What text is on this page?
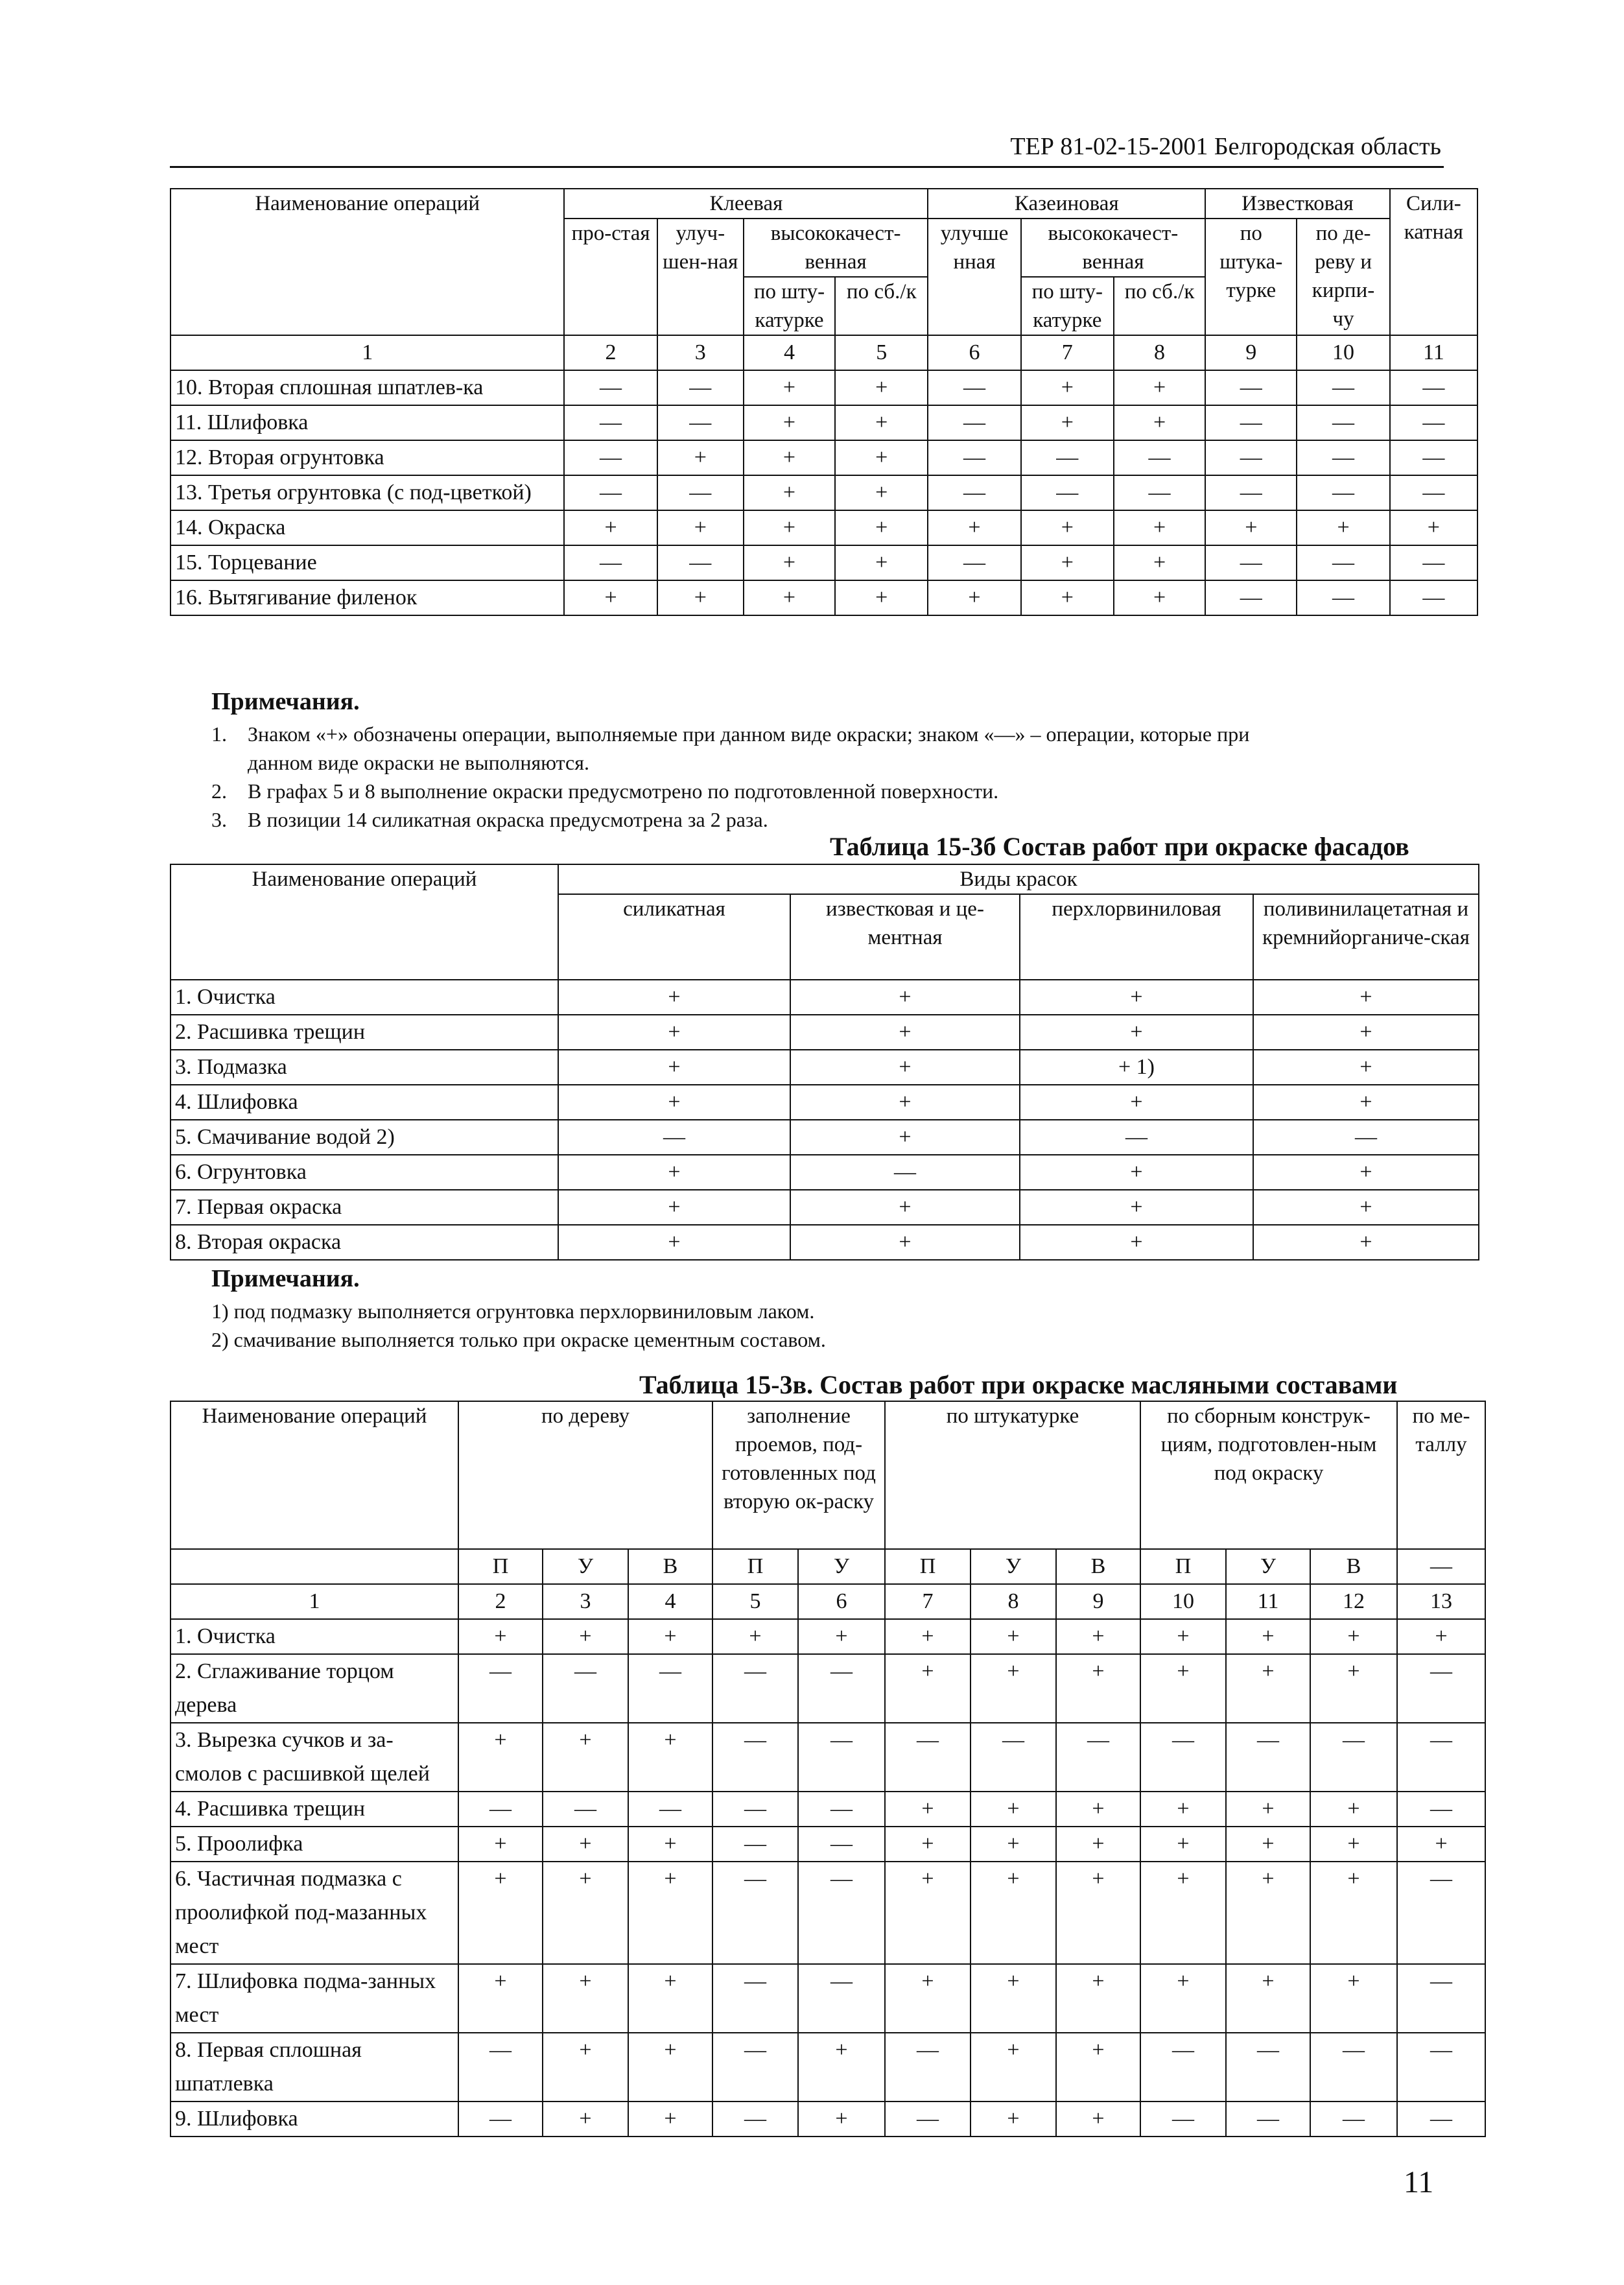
ТЕР 81-02-15-2001 Белгородская область
Наименование операций	Клеевая				Казеиновая			Известковая		Сили-катная
	про-стая	улуч-шен-ная	высококачест-венная		улучше нная	высококачест-венная		по штука-турке	по де-реву и кирпи-чу	
			по шту-катурке	по сб./к		по шту-катурке	по сб./к			
1	2	3	4	5	6	7	8	9	10	11
10. Вторая сплошная шпатлев-ка	—	—	+	+	—	+	+	—	—	—
11. Шлифовка	—	—	+	+	—	+	+	—	—	—
12. Вторая огрунтовка	—	+	+	+	—	—	—	—	—	—
13. Третья огрунтовка (с под-цветкой)	—	—	+	+	—	—	—	—	—	—
14. Окраска	+	+	+	+	+	+	+	+	+	+
15. Торцевание	—	—	+	+	—	+	+	—	—	—
16. Вытягивание филенок	+	+	+	+	+	+	+	—	—	—
Примечания.
1. Знаком «+» обозначены операции, выполняемые при данном виде окраски; знаком «—» – операции, которые при
данном виде окраски не выполняются.
2. В графах 5 и 8 выполнение окраски предусмотрено по подготовленной поверхности.
3. В позиции 14 силикатная окраска предусмотрена за 2 раза.
Таблица 15-3б Состав работ при окраске фасадов
Наименование операций	Виды красок			
	силикатная	известковая и це-ментная	перхлорвиниловая	поливинилацетатная и кремнийорганиче-ская
1. Очистка	+	+	+	+
2. Расшивка трещин	+	+	+	+
3. Подмазка	+	+	+ 1)	+
4. Шлифовка	+	+	+	+
5. Смачивание водой 2)	—	+	—	—
6. Огрунтовка	+	—	+	+
7. Первая окраска	+	+	+	+
8. Вторая окраска	+	+	+	+
Примечания.
1) под подмазку выполняется огрунтовка перхлорвиниловым лаком.
2) смачивание выполняется только при окраске цементным составом.
Таблица 15-3в. Состав работ при окраске масляными составами
Наименование операций	по дереву			заполнение проемов, под-готовленных под вторую ок-раску		по штукатурке			по сборным конструк-циям, подготовлен-ным под окраску			по ме-таллу
	П	У	В	П	У	П	У	В	П	У	В	—
1	2	3	4	5	6	7	8	9	10	11	12	13
1. Очистка	+	+	+	+	+	+	+	+	+	+	+	+
2. Сглаживание торцом дерева	—	—	—	—	—	+	+	+	+	+	+	—
3. Вырезка сучков и за-смолов с расшивкой щелей	+	+	+	—	—	—	—	—	—	—	—	—
4. Расшивка трещин	—	—	—	—	—	+	+	+	+	+	+	—
5. Проолифка	+	+	+	—	—	+	+	+	+	+	+	+
6. Частичная подмазка с проолифкой под-мазанных мест	+	+	+	—	—	+	+	+	+	+	+	—
7. Шлифовка подма-занных мест	+	+	+	—	—	+	+	+	+	+	+	—
8. Первая сплошная шпатлевка	—	+	+	—	+	—	+	+	—	—	—	—
9. Шлифовка	—	+	+	—	+	—	+	+	—	—	—	—
11
